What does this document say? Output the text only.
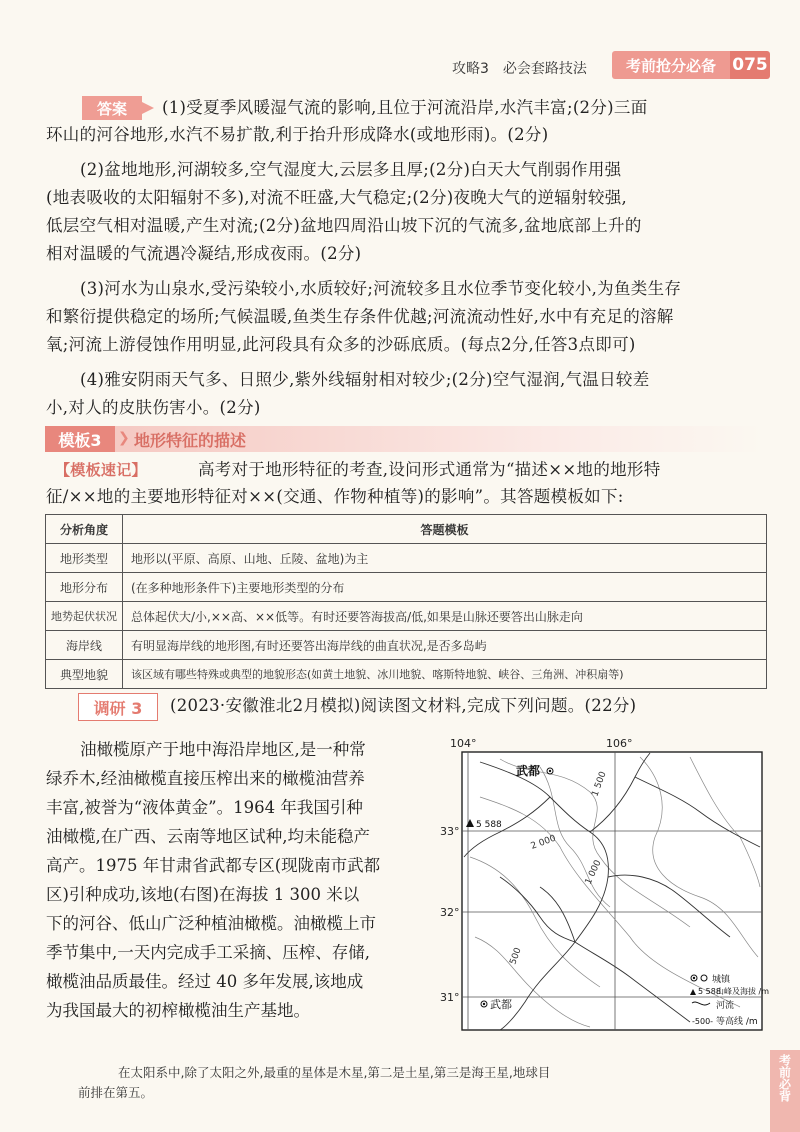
攻略3　必会套路技法	考前抢分必备 075
答案	(1)受夏季风暖湿气流的影响,且位于河流沿岸,水汽丰富;(2分)三面
环山的河谷地形,水汽不易扩散,利于抬升形成降水(或地形雨)。(2分)
(2)盆地地形,河湖较多,空气湿度大,云层多且厚;(2分)白天大气削弱作用强
(地表吸收的太阳辐射不多),对流不旺盛,大气稳定;(2分)夜晚大气的逆辐射较强,
低层空气相对温暖,产生对流;(2分)盆地四周沿山坡下沉的气流多,盆地底部上升的
相对温暖的气流遇冷凝结,形成夜雨。(2分)
(3)河水为山泉水,受污染较小,水质较好;河流较多且水位季节变化较小,为鱼类生存
和繁衍提供稳定的场所;气候温暖,鱼类生存条件优越;河流流动性好,水中有充足的溶解
氧;河流上游侵蚀作用明显,此河段具有众多的沙砾底质。(每点2分,任答3点即可)
(4)雅安阴雨天气多、日照少,紫外线辐射相对较少;(2分)空气湿润,气温日较差
小,对人的皮肤伤害小。(2分)
模板3	❯ 地形特征的描述
【模板速记】	高考对于地形特征的考查,设问形式通常为“描述××地的地形特
征/××地的主要地形特征对××(交通、作物种植等)的影响”。其答题模板如下:
分析角度	答题模板
地形类型	地形以(平原、高原、山地、丘陵、盆地)为主
地形分布	(在多种地形条件下)主要地形类型的分布
地势起伏状况	总体起伏大/小,××高、××低等。有时还要答海拔高/低,如果是山脉还要答出山脉走向
海岸线	有明显海岸线的地形图,有时还要答出海岸线的曲直状况,是否多岛屿
典型地貌	该区域有哪些特殊或典型的地貌形态(如黄土地貌、冰川地貌、喀斯特地貌、峡谷、三角洲、冲积扇等)
调研 3	(2023·安徽淮北2月模拟)阅读图文材料,完成下列问题。(22分)
油橄榄原产于地中海沿岸地区,是一种常
绿乔木,经油橄榄直接压榨出来的橄榄油营养
丰富,被誉为“液体黄金”。1964 年我国引种
油橄榄,在广西、云南等地区试种,均未能稳产
高产。1975 年甘肃省武都专区(现陇南市武都
区)引种成功,该地(右图)在海拔 1 300 米以
下的河谷、低山广泛种植油橄榄。油橄榄上市
季节集中,一天内完成手工采摘、压榨、存储,
橄榄油品质最佳。经过 40 多年发展,该地成
为我国最大的初榨橄榄油生产基地。
104°	106°
33°
32°
31°
1 500
2 000
1 000
500
武都
武都
5 588
城镇
5 588
山峰及海拔 /m
河流
-500- 等高线 /m
在太阳系中,除了太阳之外,最重的星体是木星,第二是土星,第三是海王星,地球目
前排在第五。	考前必背
